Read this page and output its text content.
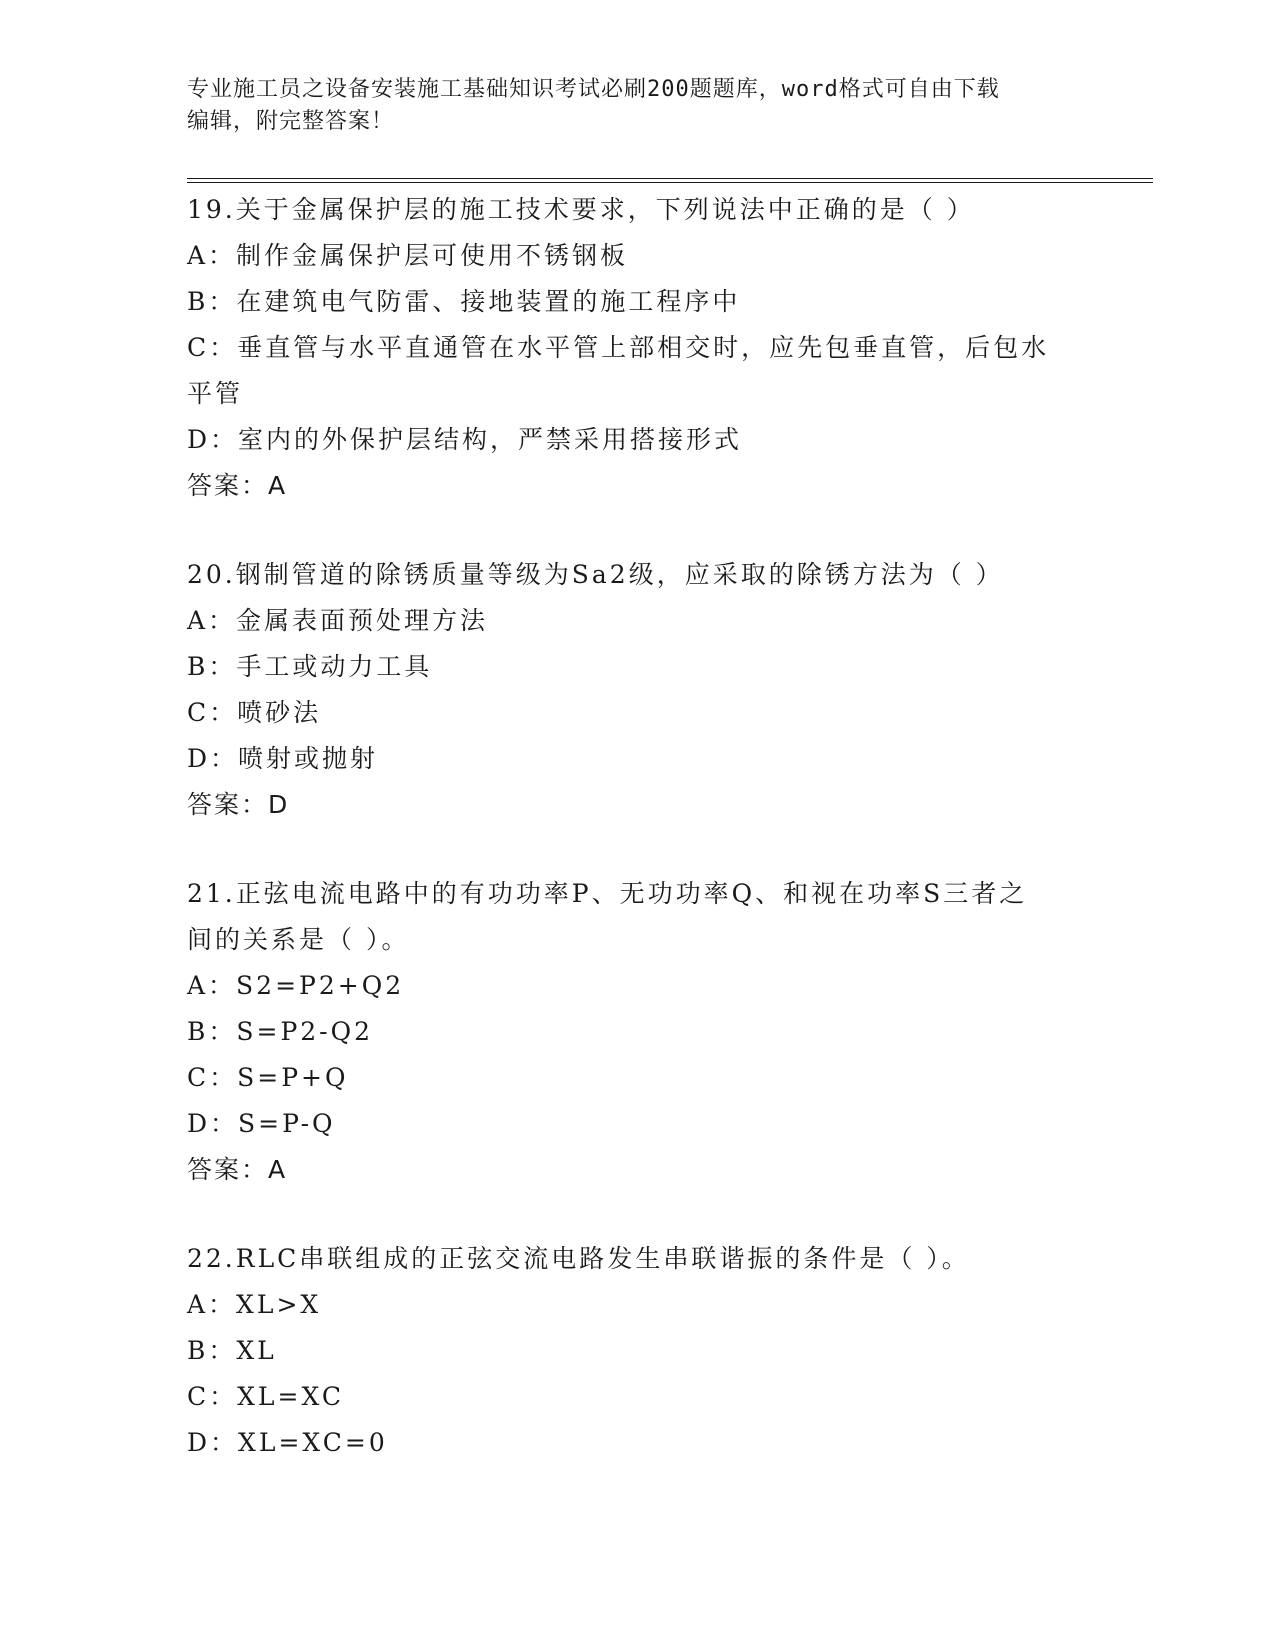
专业施工员之设备安装施工基础知识考试必刷200题题库，word格式可自由下载
编辑，附完整答案！
19.关于金属保护层的施工技术要求，下列说法中正确的是（ ）
A：制作金属保护层可使用不锈钢板
B：在建筑电气防雷、接地装置的施工程序中
C：垂直管与水平直通管在水平管上部相交时，应先包垂直管，后包水
平管
D：室内的外保护层结构，严禁采用搭接形式
答案：A
20.钢制管道的除锈质量等级为Sa2级，应采取的除锈方法为（ ）
A：金属表面预处理方法
B：手工或动力工具
C：喷砂法
D：喷射或抛射
答案：D
21.正弦电流电路中的有功功率P、无功功率Q、和视在功率S三者之
间的关系是（ ）。
A：S2=P2+Q2
B：S=P2-Q2
C：S=P+Q
D：S=P-Q
答案：A
22.RLC串联组成的正弦交流电路发生串联谐振的条件是（ ）。
A：XL>X
B：XL
C：XL=XC
D：XL=XC=0
